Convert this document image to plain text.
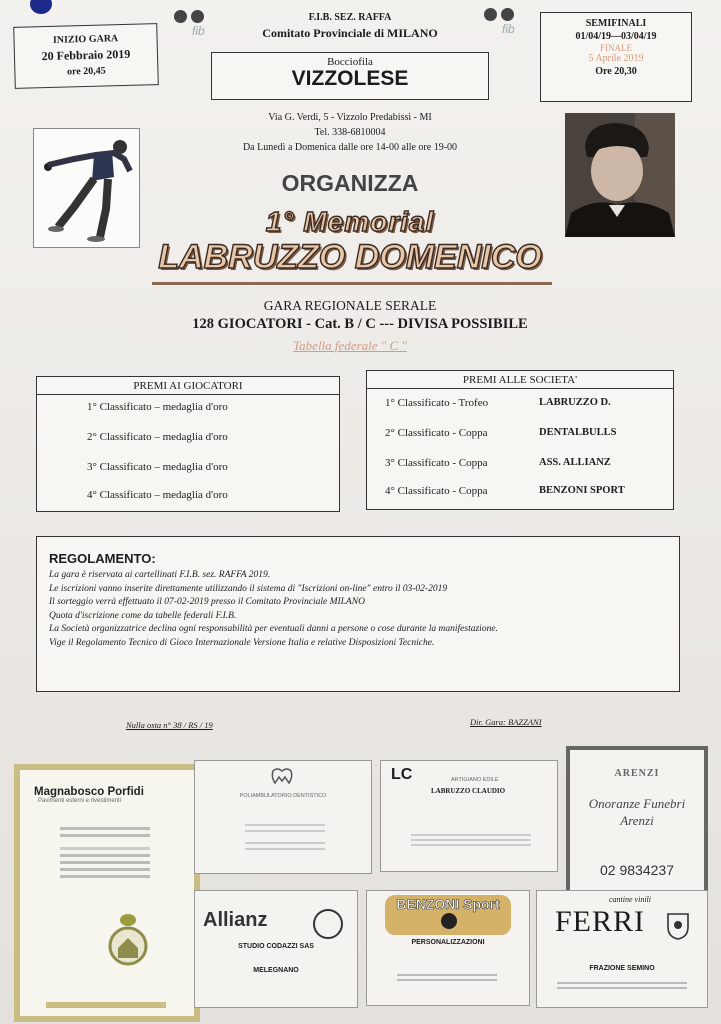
fib	fib
F.I.B. SEZ. RAFFA
Comitato Provinciale di MILANO
INIZIO GARA
20 Febbraio 2019
ore 20,45
SEMIFINALI
01/04/19—03/04/19
FINALE
5 Aprile 2019
Ore 20,30
Bocciofila
VIZZOLESE
Via G. Verdi, 5 - Vizzolo Predabissi - MI
Tel. 338-6810004
Da Lunedì a Domenica dalle ore 14-00 alle ore 19-00
ORGANIZZA
1° Memorial
LABRUZZO DOMENICO
GARA REGIONALE SERALE
128 GIOCATORI - Cat. B / C --- DIVISA POSSIBILE
Tabella federale " C "
PREMI AI GIOCATORI
1° Classificato – medaglia d'oro
2° Classificato – medaglia d'oro
3° Classificato – medaglia d'oro
4° Classificato – medaglia d'oro
PREMI ALLE SOCIETA'
1° Classificato - Trofeo	LABRUZZO D.
2° Classificato - Coppa	DENTALBULLS
3° Classificato - Coppa	ASS. ALLIANZ
4° Classificato - Coppa	BENZONI SPORT
REGOLAMENTO:
La gara è riservata ai cartellinati F.I.B. sez. RAFFA 2019.
Le iscrizioni vanno inserite direttamente utilizzando il sistema di "Iscrizioni on-line" entro il 03-02-2019
Il sorteggio verrà effettuato il 07-02-2019 presso il Comitato Provinciale MILANO
Quota d'iscrizione come da tabelle federali F.I.B.
La Società organizzatrice declina ogni responsabilità per eventuali danni a persone o cose durante la manifestazione.
Vige il Regolamento Tecnico di Gioco Internazionale Versione Italia e relative Disposizioni Tecniche.
Nulla osta n° 38 / RS / 19	Dir. Gara: BAZZANI
Magnabosco Porfidi
Pavimenti esterni e rivestimenti
POLIAMBULATORIO DENTISTICO
LC	ARTIGIANO EDILE
LABRUZZO CLAUDIO
ARENZI
Onoranze Funebri Arenzi
02 9834237
Allianz
STUDIO CODAZZI SAS
MELEGNANO
BENZONI Sport
PERSONALIZZAZIONI
cantine vinili
FERRI
FRAZIONE SEMINO
